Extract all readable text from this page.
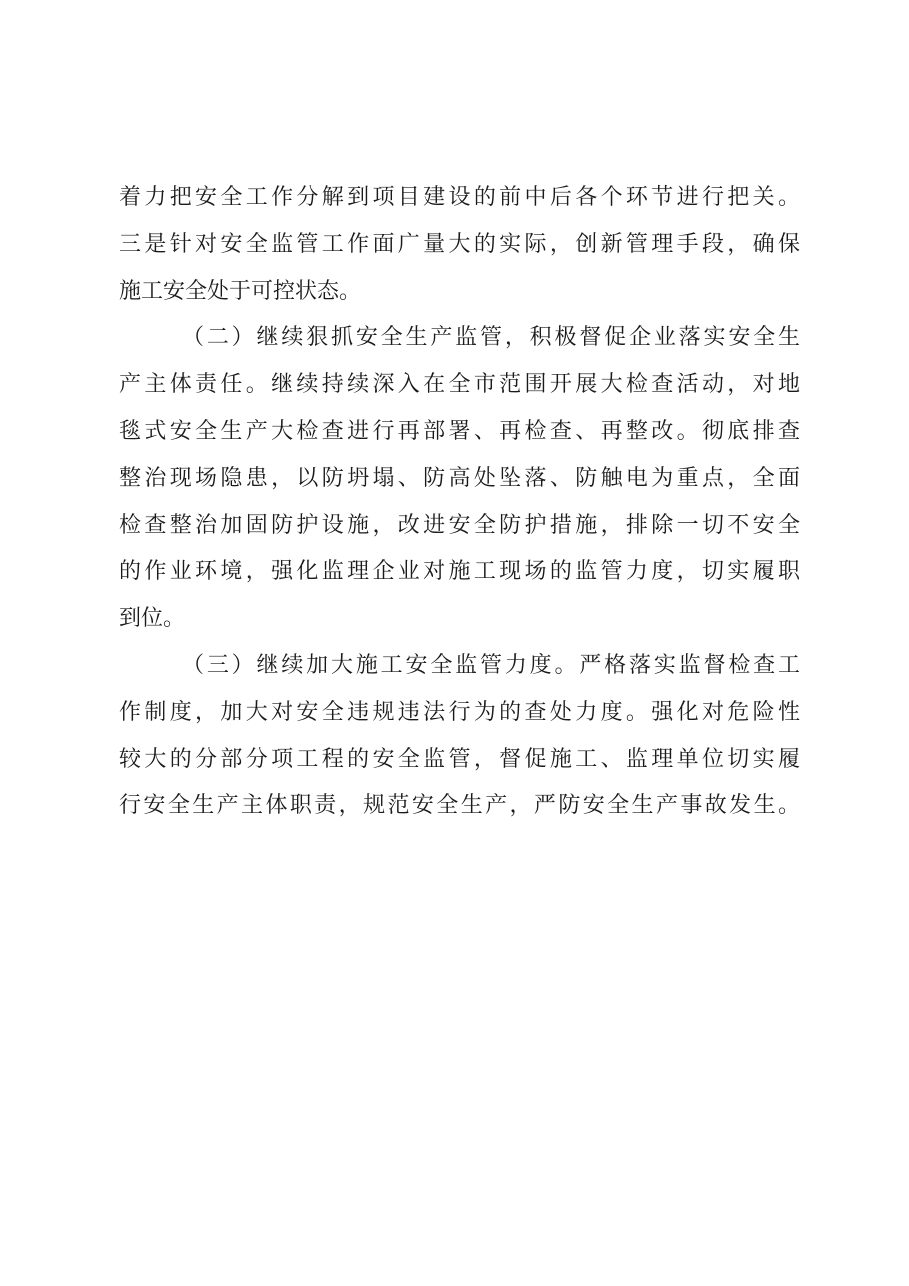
着力把安全工作分解到项目建设的前中后各个环节进行把关。
三是针对安全监管工作面广量大的实际，创新管理手段，确保
施工安全处于可控状态。
（二）继续狠抓安全生产监管，积极督促企业落实安全生
产主体责任。继续持续深入在全市范围开展大检查活动，对地
毯式安全生产大检查进行再部署、再检查、再整改。彻底排查
整治现场隐患，以防坍塌、防高处坠落、防触电为重点，全面
检查整治加固防护设施，改进安全防护措施，排除一切不安全
的作业环境，强化监理企业对施工现场的监管力度，切实履职
到位。
（三）继续加大施工安全监管力度。严格落实监督检查工
作制度，加大对安全违规违法行为的查处力度。强化对危险性
较大的分部分项工程的安全监管，督促施工、监理单位切实履
行安全生产主体职责，规范安全生产，严防安全生产事故发生。
